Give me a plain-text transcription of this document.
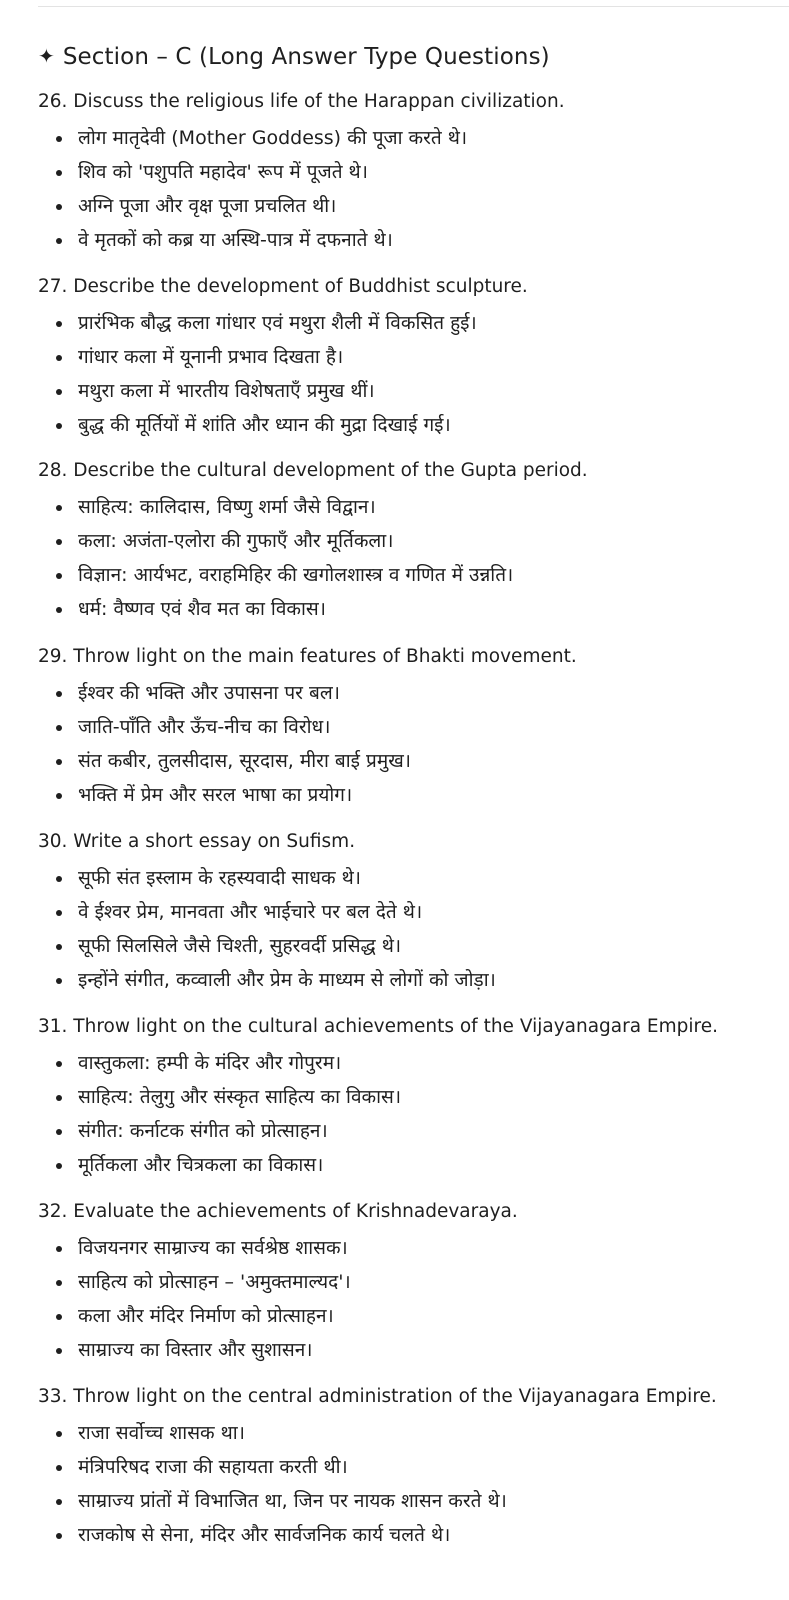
✦ Section – C (Long Answer Type Questions)
26. Discuss the religious life of the Harappan civilization.
लोग मातृदेवी (Mother Goddess) की पूजा करते थे।
शिव को 'पशुपति महादेव' रूप में पूजते थे।
अग्नि पूजा और वृक्ष पूजा प्रचलित थी।
वे मृतकों को कब्र या अस्थि-पात्र में दफनाते थे।
27. Describe the development of Buddhist sculpture.
प्रारंभिक बौद्ध कला गांधार एवं मथुरा शैली में विकसित हुई।
गांधार कला में यूनानी प्रभाव दिखता है।
मथुरा कला में भारतीय विशेषताएँ प्रमुख थीं।
बुद्ध की मूर्तियों में शांति और ध्यान की मुद्रा दिखाई गई।
28. Describe the cultural development of the Gupta period.
साहित्य: कालिदास, विष्णु शर्मा जैसे विद्वान।
कला: अजंता-एलोरा की गुफाएँ और मूर्तिकला।
विज्ञान: आर्यभट, वराहमिहिर की खगोलशास्त्र व गणित में उन्नति।
धर्म: वैष्णव एवं शैव मत का विकास।
29. Throw light on the main features of Bhakti movement.
ईश्वर की भक्ति और उपासना पर बल।
जाति-पाँति और ऊँच-नीच का विरोध।
संत कबीर, तुलसीदास, सूरदास, मीरा बाई प्रमुख।
भक्ति में प्रेम और सरल भाषा का प्रयोग।
30. Write a short essay on Sufism.
सूफी संत इस्लाम के रहस्यवादी साधक थे।
वे ईश्वर प्रेम, मानवता और भाईचारे पर बल देते थे।
सूफी सिलसिले जैसे चिश्ती, सुहरवर्दी प्रसिद्ध थे।
इन्होंने संगीत, कव्वाली और प्रेम के माध्यम से लोगों को जोड़ा।
31. Throw light on the cultural achievements of the Vijayanagara Empire.
वास्तुकला: हम्पी के मंदिर और गोपुरम।
साहित्य: तेलुगु और संस्कृत साहित्य का विकास।
संगीत: कर्नाटक संगीत को प्रोत्साहन।
मूर्तिकला और चित्रकला का विकास।
32. Evaluate the achievements of Krishnadevaraya.
विजयनगर साम्राज्य का सर्वश्रेष्ठ शासक।
साहित्य को प्रोत्साहन – 'अमुक्तमाल्यद'।
कला और मंदिर निर्माण को प्रोत्साहन।
साम्राज्य का विस्तार और सुशासन।
33. Throw light on the central administration of the Vijayanagara Empire.
राजा सर्वोच्च शासक था।
मंत्रिपरिषद राजा की सहायता करती थी।
साम्राज्य प्रांतों में विभाजित था, जिन पर नायक शासन करते थे।
राजकोष से सेना, मंदिर और सार्वजनिक कार्य चलते थे।
